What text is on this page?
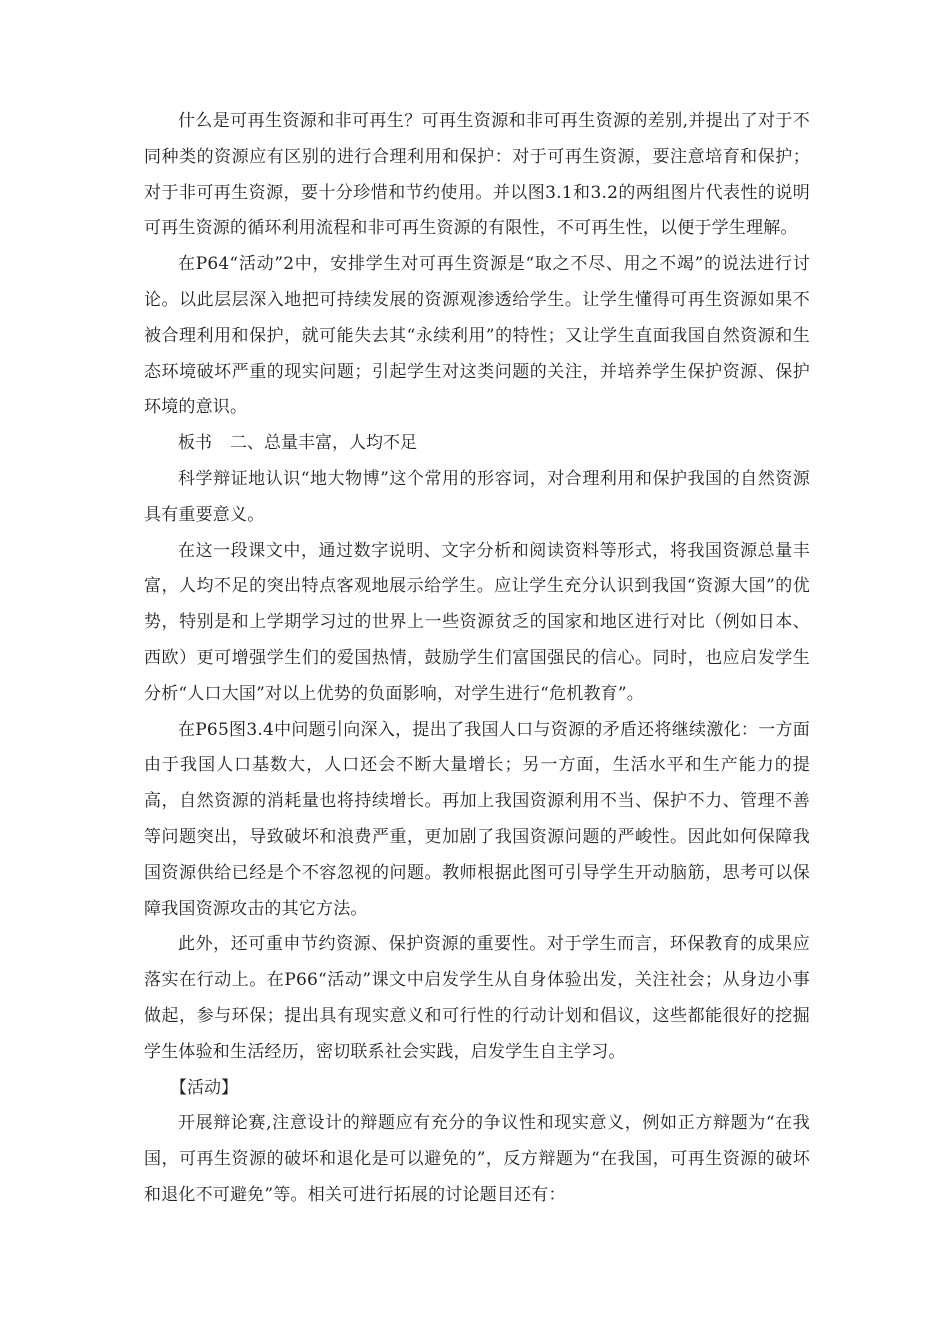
什么是可再生资源和非可再生？可再生资源和非可再生资源的差别,并提出了对于不同种类的资源应有区别的进行合理利用和保护：对于可再生资源，要注意培育和保护；对于非可再生资源，要十分珍惜和节约使用。并以图3.1和3.2的两组图片代表性的说明可再生资源的循环利用流程和非可再生资源的有限性，不可再生性，以便于学生理解。

在P64“活动”2中，安排学生对可再生资源是“取之不尽、用之不竭”的说法进行讨论。以此层层深入地把可持续发展的资源观渗透给学生。让学生懂得可再生资源如果不被合理利用和保护，就可能失去其“永续利用”的特性；又让学生直面我国自然资源和生态环境破坏严重的现实问题；引起学生对这类问题的关注，并培养学生保护资源、保护环境的意识。

板书 二、总量丰富，人均不足

科学辩证地认识“地大物博”这个常用的形容词，对合理利用和保护我国的自然资源具有重要意义。

在这一段课文中，通过数字说明、文字分析和阅读资料等形式，将我国资源总量丰富，人均不足的突出特点客观地展示给学生。应让学生充分认识到我国“资源大国”的优势，特别是和上学期学习过的世界上一些资源贫乏的国家和地区进行对比（例如日本、西欧）更可增强学生们的爱国热情，鼓励学生们富国强民的信心。同时，也应启发学生分析“人口大国”对以上优势的负面影响，对学生进行“危机教育”。

在P65图3.4中问题引向深入，提出了我国人口与资源的矛盾还将继续激化：一方面由于我国人口基数大，人口还会不断大量增长；另一方面，生活水平和生产能力的提高，自然资源的消耗量也将持续增长。再加上我国资源利用不当、保护不力、管理不善等问题突出，导致破坏和浪费严重，更加剧了我国资源问题的严峻性。因此如何保障我国资源供给已经是个不容忽视的问题。教师根据此图可引导学生开动脑筋，思考可以保障我国资源攻击的其它方法。

此外，还可重申节约资源、保护资源的重要性。对于学生而言，环保教育的成果应落实在行动上。在P66“活动”课文中启发学生从自身体验出发，关注社会；从身边小事做起，参与环保；提出具有现实意义和可行性的行动计划和倡议，这些都能很好的挖掘学生体验和生活经历，密切联系社会实践，启发学生自主学习。

【活动】

开展辩论赛,注意设计的辩题应有充分的争议性和现实意义，例如正方辩题为“在我国，可再生资源的破坏和退化是可以避免的”，反方辩题为“在我国，可再生资源的破坏和退化不可避免”等。相关可进行拓展的讨论题目还有：
